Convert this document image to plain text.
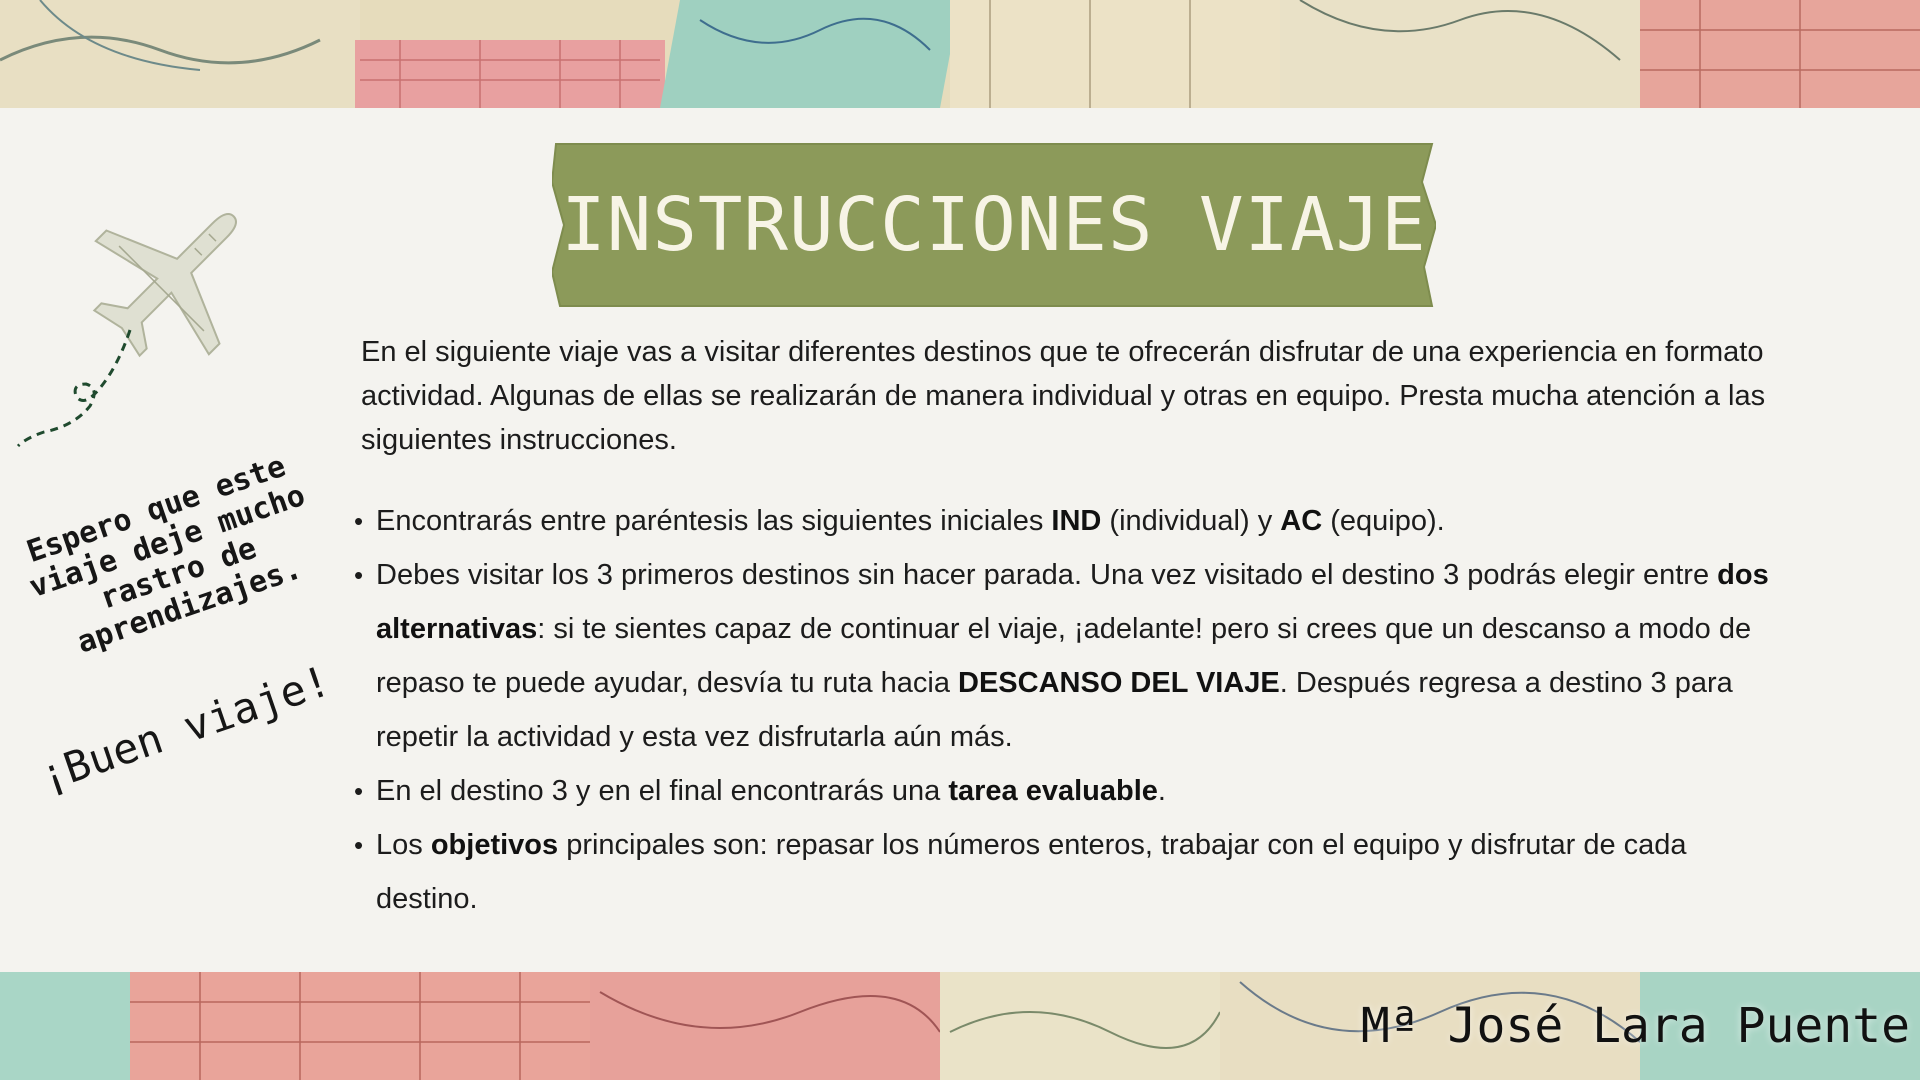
INSTRUCCIONES VIAJE
Espero que este viaje deje mucho rastro de aprendizajes.
¡Buen viaje!
En el siguiente viaje vas a visitar diferentes destinos que te ofrecerán disfrutar de una experiencia en formato actividad. Algunas de ellas se realizarán de manera individual y otras en equipo. Presta mucha atención a las siguientes instrucciones.
• Encontrarás entre paréntesis las siguientes iniciales IND (individual) y AC (equipo).
• Debes visitar los 3 primeros destinos sin hacer parada. Una vez visitado el destino 3 podrás elegir entre dos alternativas: si te sientes capaz de continuar el viaje, ¡adelante! pero si crees que un descanso a modo de repaso te puede ayudar, desvía tu ruta hacia DESCANSO DEL VIAJE. Después regresa a destino 3 para repetir la actividad y esta vez disfrutarla aún más.
• En el destino 3 y en el final encontrarás una tarea evaluable.
• Los objetivos principales son: repasar los números enteros, trabajar con el equipo y disfrutar de cada destino.
Mª José Lara Puente
